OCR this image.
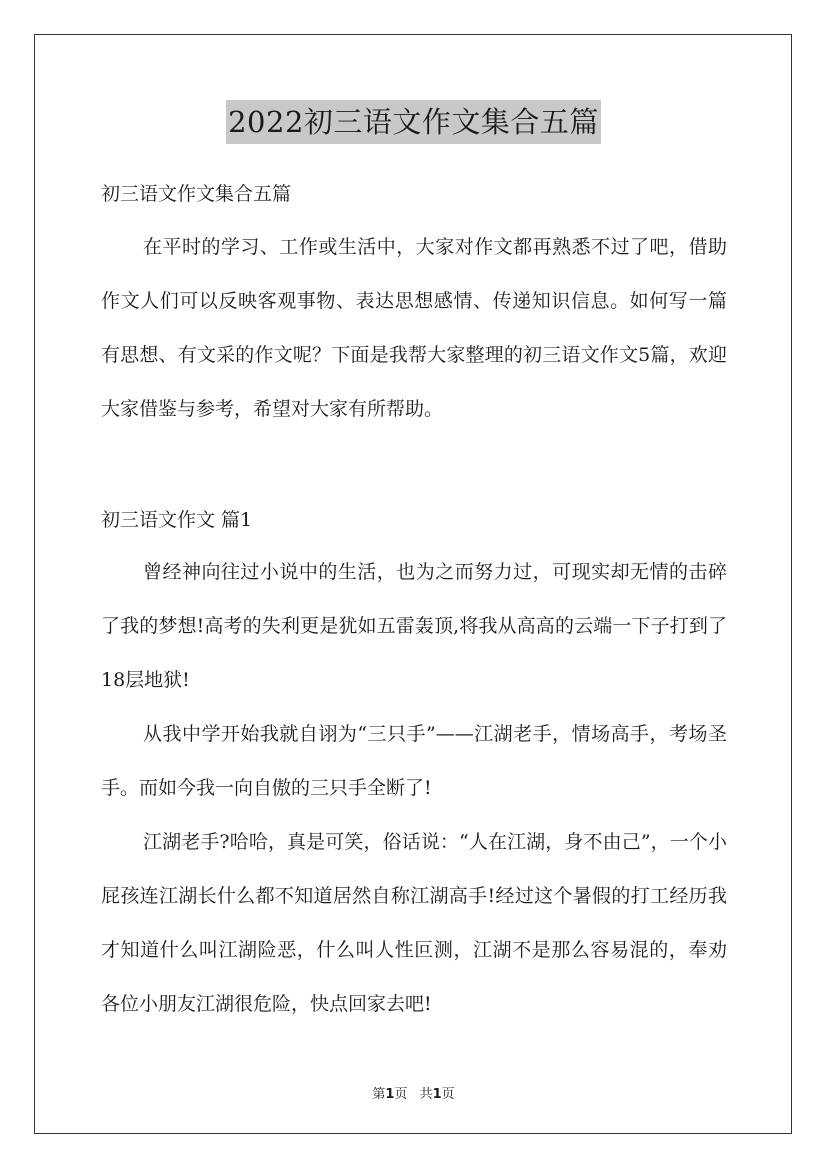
2022初三语文作文集合五篇
初三语文作文集合五篇

在平时的学习、工作或生活中，大家对作文都再熟悉不过了吧，借助作文人们可以反映客观事物、表达思想感情、传递知识信息。如何写一篇有思想、有文采的作文呢？下面是我帮大家整理的初三语文作文5篇，欢迎大家借鉴与参考，希望对大家有所帮助。

初三语文作文 篇1

曾经神向往过小说中的生活，也为之而努力过，可现实却无情的击碎了我的梦想!高考的失利更是犹如五雷轰顶,将我从高高的云端一下子打到了18层地狱!

从我中学开始我就自诩为“三只手”——江湖老手，情场高手，考场圣手。而如今我一向自傲的三只手全断了!

江湖老手?哈哈，真是可笑，俗话说：“人在江湖，身不由己”，一个小屁孩连江湖长什么都不知道居然自称江湖高手!经过这个暑假的打工经历我才知道什么叫江湖险恶，什么叫人性叵测，江湖不是那么容易混的，奉劝各位小朋友江湖很危险，快点回家去吧!

第1页 共1页
